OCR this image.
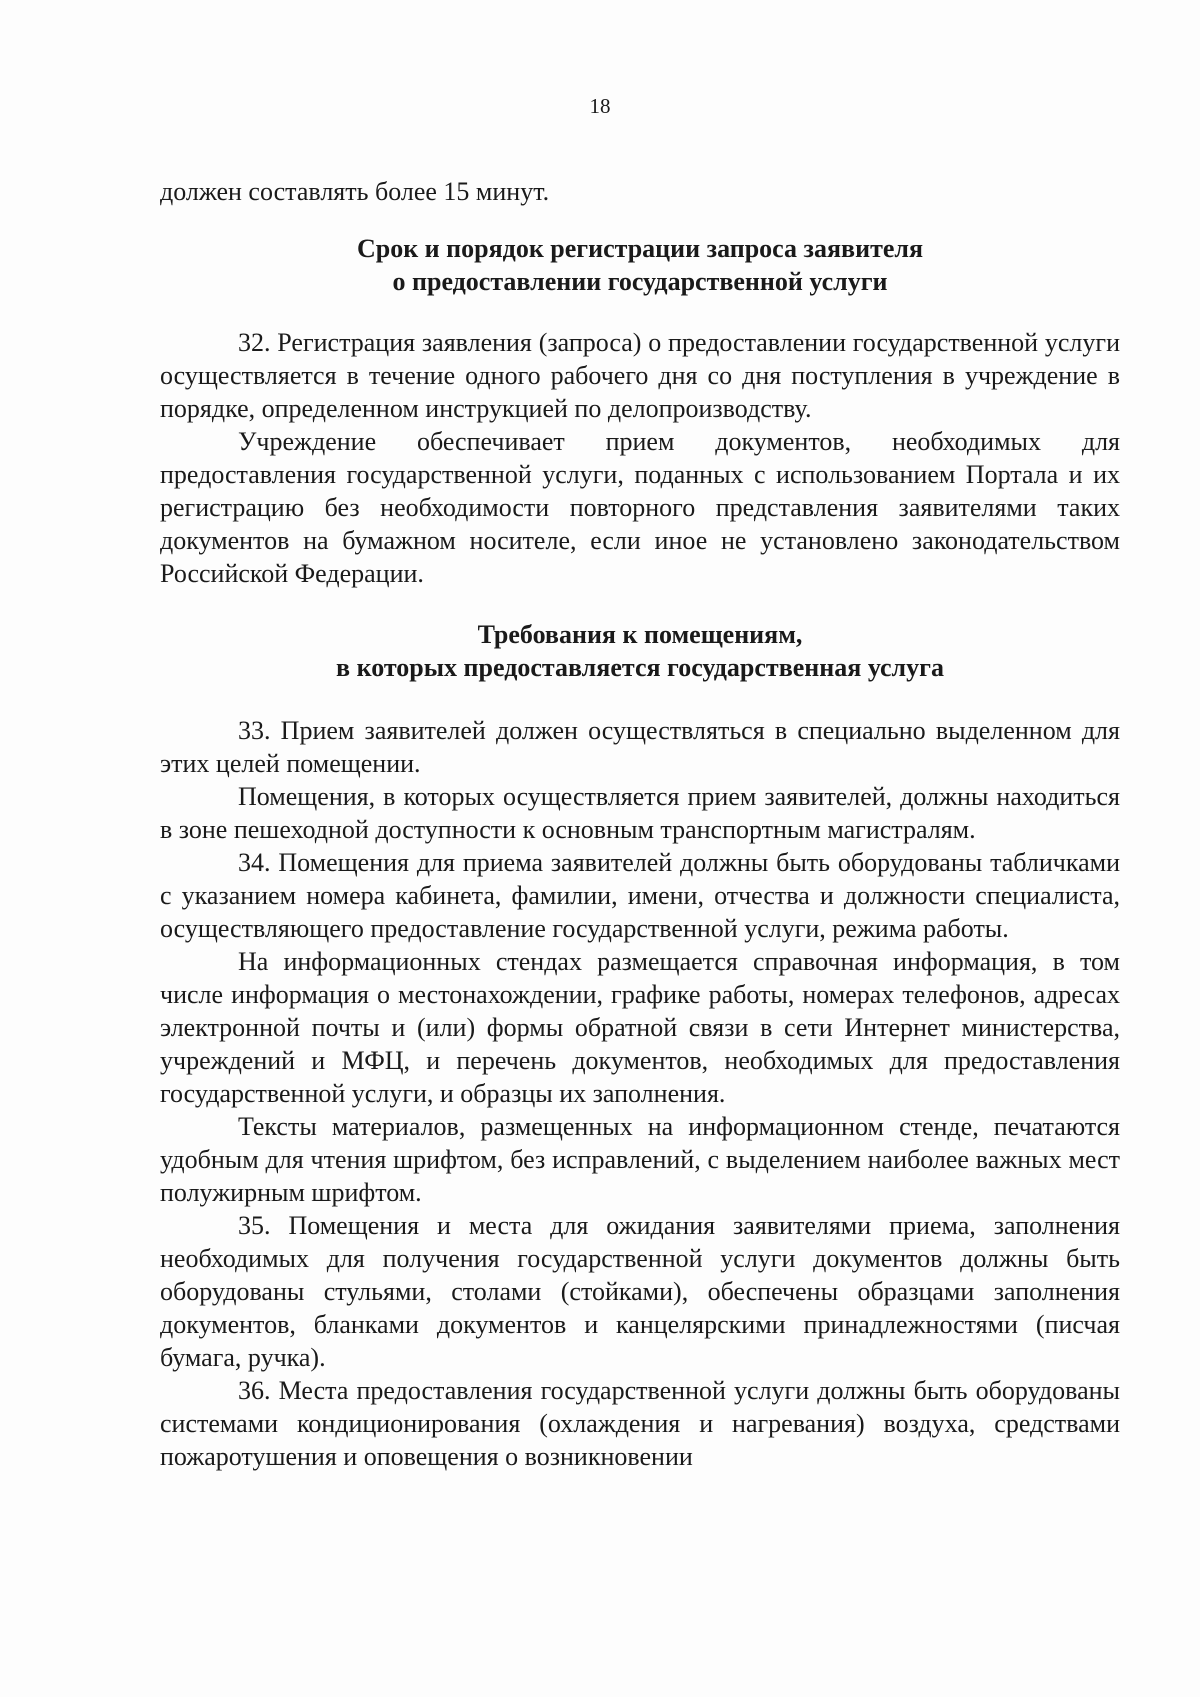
18

должен составлять более 15 минут.

Срок и порядок регистрации запроса заявителя

о предоставлении государственной услуги

32. Регистрация заявления (запроса) о предоставлении государственной услуги осуществляется в течение одного рабочего дня со дня поступления в учреждение в порядке, определенном инструкцией по делопроизводству.

Учреждение обеспечивает прием документов, необходимых для предоставления государственной услуги, поданных с использованием Портала и их регистрацию без необходимости повторного представления заявителями таких документов на бумажном носителе, если иное не установлено законодательством Российской Федерации.

Требования к помещениям,

в которых предоставляется государственная услуга

33. Прием заявителей должен осуществляться в специально выделенном для этих целей помещении.

Помещения, в которых осуществляется прием заявителей, должны находиться в зоне пешеходной доступности к основным транспортным магистралям.

34. Помещения для приема заявителей должны быть оборудованы табличками с указанием номера кабинета, фамилии, имени, отчества и должности специалиста, осуществляющего предоставление государственной услуги, режима работы.

На информационных стендах размещается справочная информация, в том числе информация о местонахождении, графике работы, номерах телефонов, адресах электронной почты и (или) формы обратной связи в сети Интернет министерства, учреждений и МФЦ, и перечень документов, необходимых для предоставления государственной услуги, и образцы их заполнения.

Тексты материалов, размещенных на информационном стенде, печатаются удобным для чтения шрифтом, без исправлений, с выделением наиболее важных мест полужирным шрифтом.

35. Помещения и места для ожидания заявителями приема, заполнения необходимых для получения государственной услуги документов должны быть оборудованы стульями, столами (стойками), обеспечены образцами заполнения документов, бланками документов и канцелярскими принадлежностями (писчая бумага, ручка).

36. Места предоставления государственной услуги должны быть оборудованы системами кондиционирования (охлаждения и нагревания) воздуха, средствами пожаротушения и оповещения о возникновении
